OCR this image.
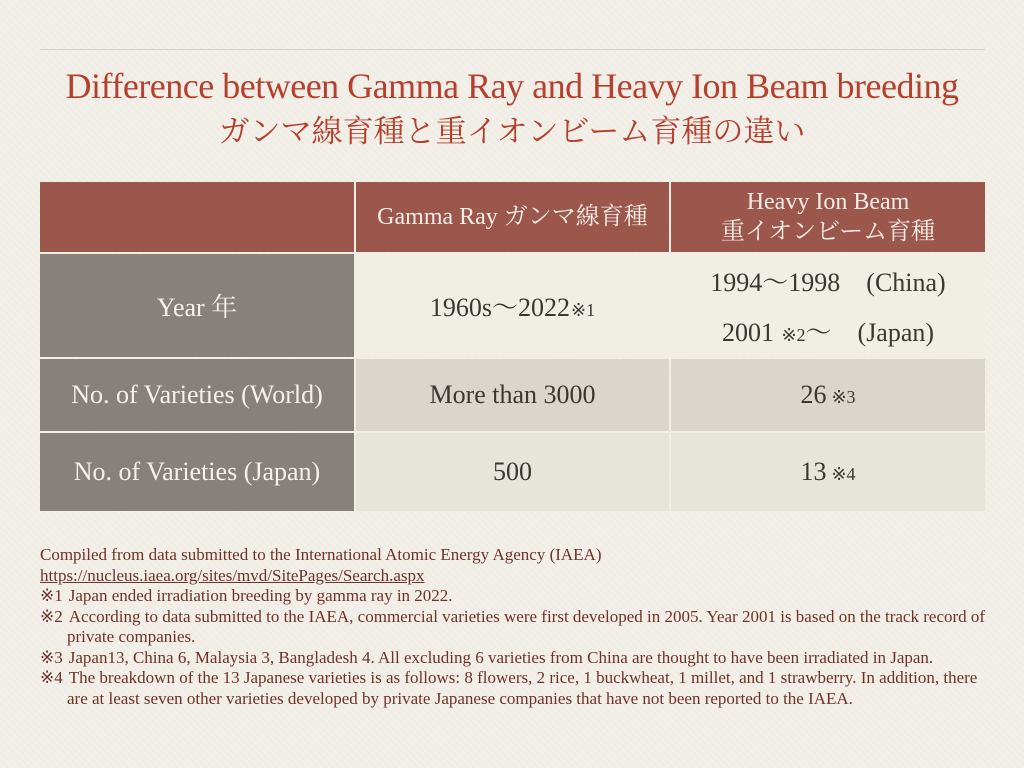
Difference between Gamma Ray and Heavy Ion Beam breeding
ガンマ線育種と重イオンビーム育種の違い
	Gamma Ray ガンマ線育種	Heavy Ion Beam
重イオンビーム育種

Year 年	1960s〜2022※1	1994〜1998　(China)
2001 ※2〜　(Japan)

No. of Varieties (World)	More than 3000	26 ※3
No. of Varieties (Japan)	500	13 ※4

Compiled from data submitted to the International Atomic Energy Agency (IAEA) https://nucleus.iaea.org/sites/mvd/SitePages/Search.aspx

※1 Japan ended irradiation breeding by gamma ray in 2022.

※2 According to data submitted to the IAEA, commercial varieties were first developed in 2005. Year 2001 is based on the track record of private companies.

※3 Japan13, China 6, Malaysia 3, Bangladesh 4. All excluding 6 varieties from China are thought to have been irradiated in Japan.

※4 The breakdown of the 13 Japanese varieties is as follows: 8 flowers, 2 rice, 1 buckwheat, 1 millet, and 1 strawberry. In addition, there are at least seven other varieties developed by private Japanese companies that have not been reported to the IAEA.
